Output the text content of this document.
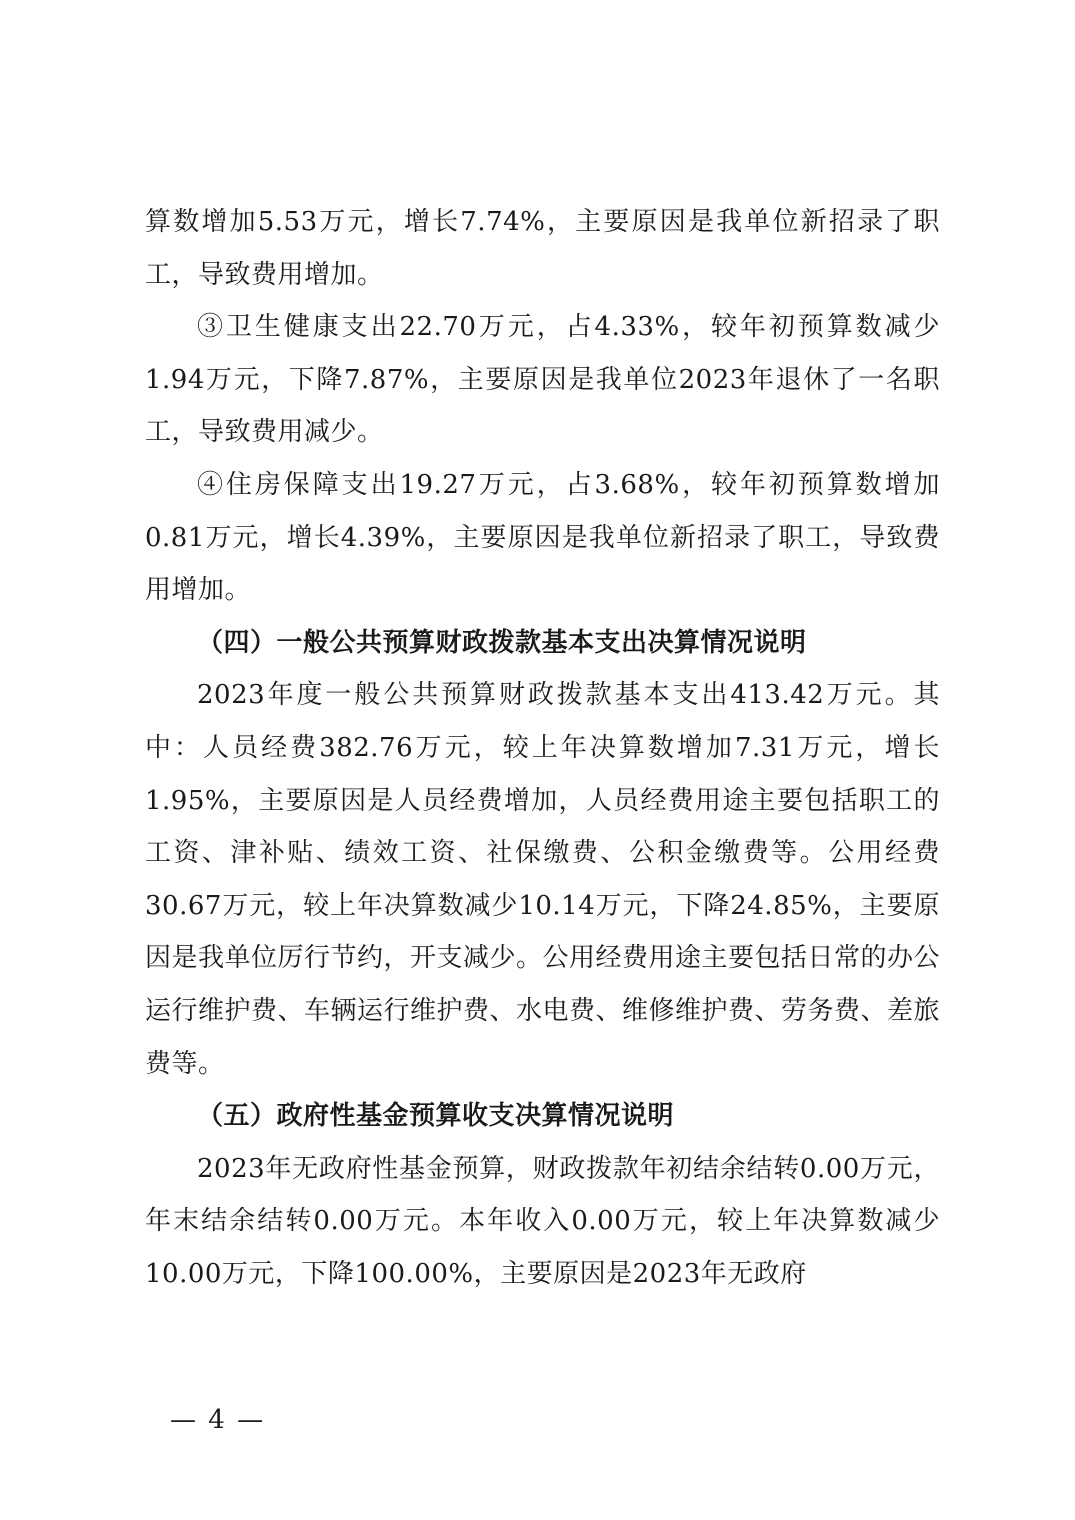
算数增加5.53万元，增长7.74%，主要原因是我单位新招录了职工，导致费用增加。

③卫生健康支出22.70万元，占4.33%，较年初预算数减少1.94万元，下降7.87%，主要原因是我单位2023年退休了一名职工，导致费用减少。

④住房保障支出19.27万元，占3.68%，较年初预算数增加0.81万元，增长4.39%，主要原因是我单位新招录了职工，导致费用增加。

（四）一般公共预算财政拨款基本支出决算情况说明

2023年度一般公共预算财政拨款基本支出413.42万元。其中：人员经费382.76万元，较上年决算数增加7.31万元，增长1.95%，主要原因是人员经费增加，人员经费用途主要包括职工的工资、津补贴、绩效工资、社保缴费、公积金缴费等。公用经费30.67万元，较上年决算数减少10.14万元，下降24.85%，主要原因是我单位厉行节约，开支减少。公用经费用途主要包括日常的办公运行维护费、车辆运行维护费、水电费、维修维护费、劳务费、差旅费等。

（五）政府性基金预算收支决算情况说明

2023年无政府性基金预算，财政拨款年初结余结转0.00万元，年末结余结转0.00万元。本年收入0.00万元，较上年决算数减少10.00万元，下降100.00%，主要原因是2023年无政府

— 4 —
